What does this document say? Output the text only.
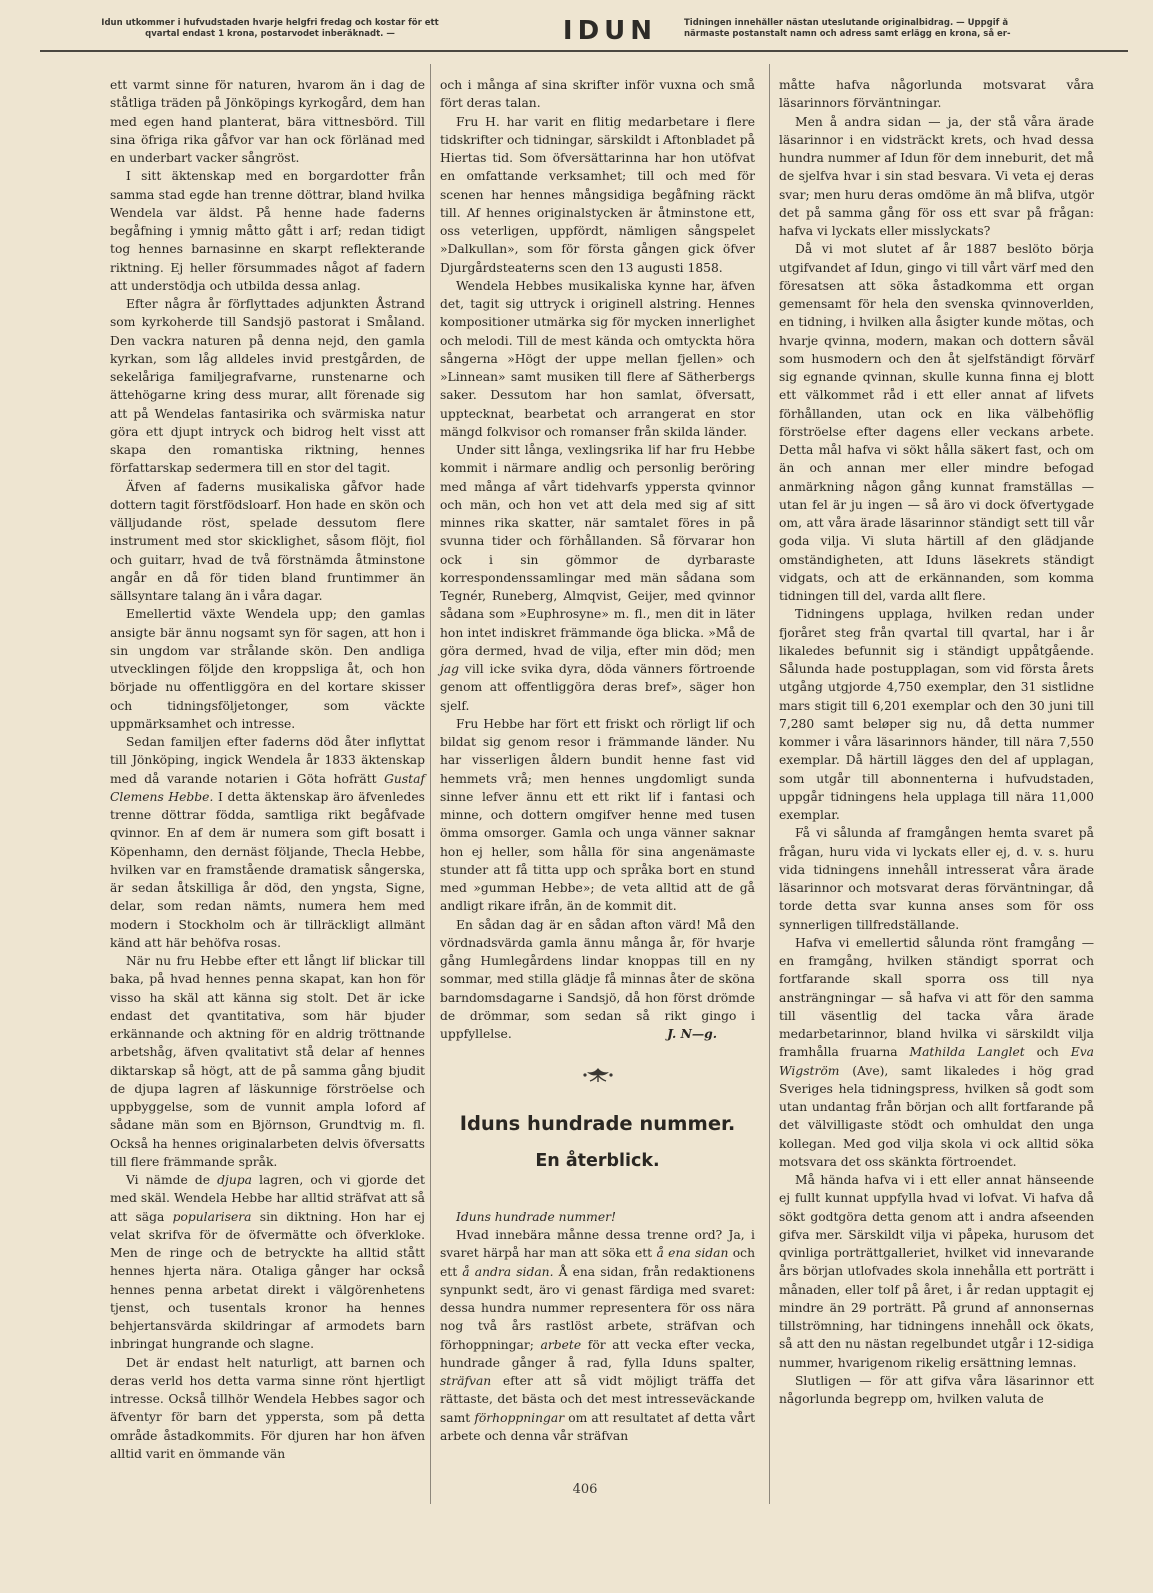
Idun utkommer i hufvudstaden hvarje helgfri fredag och kostar för ett
qvartal endast 1 krona, postarvodet inberäknadt. —	IDUN	Tidningen innehåller nästan uteslutande originalbidrag. — Uppgif å
närmaste postanstalt namn och adress samt erlägg en krona, så er-

ett varmt sinne för naturen, hvarom än i dag de ståtliga träden på Jönköpings kyrkogård, dem han med egen hand planterat, bära vittnesbörd. Till sina öfriga rika gåfvor var han ock förlänad med en underbart vacker sångröst.

I sitt äktenskap med en borgardotter från samma stad egde han trenne döttrar, bland hvilka Wendela var äldst. På henne hade faderns begåfning i ymnig måtto gått i arf; redan tidigt tog hennes barnasinne en skarpt reflekterande riktning. Ej heller försummades något af fadern att understödja och utbilda dessa anlag.

Efter några år förflyttades adjunkten Åstrand som kyrkoherde till Sandsjö pastorat i Småland. Den vackra naturen på denna nejd, den gamla kyrkan, som låg alldeles invid prestgården, de sekelåriga familjegrafvarne, runstenarne och ättehögarne kring dess murar, allt förenade sig att på Wendelas fantasirika och svärmiska natur göra ett djupt intryck och bidrog helt visst att skapa den romantiska riktning, hennes författarskap sedermera till en stor del tagit.

Äfven af faderns musikaliska gåfvor hade dottern tagit förstfödsloarf. Hon hade en skön och välljudande röst, spelade dessutom flere instrument med stor skicklighet, såsom flöjt, fiol och guitarr, hvad de två förstnämda åtminstone angår en då för tiden bland fruntimmer än sällsyntare talang än i våra dagar.

Emellertid växte Wendela upp; den gamlas ansigte bär ännu nogsamt syn för sagen, att hon i sin ungdom var strålande skön. Den andliga utvecklingen följde den kroppsliga åt, och hon började nu offentliggöra en del kortare skisser och tidningsföljetonger, som väckte uppmärksamhet och intresse.

Sedan familjen efter faderns död åter inflyttat till Jönköping, ingick Wendela år 1833 äktenskap med då varande notarien i Göta hofrätt Gustaf Clemens Hebbe. I detta äktenskap äro äfvenledes trenne döttrar födda, samtliga rikt begåfvade qvinnor. En af dem är numera som gift bosatt i Köpenhamn, den dernäst följande, Thecla Hebbe, hvilken var en framstående dramatisk sångerska, är sedan åtskilliga år död, den yngsta, Signe, delar, som redan nämts, numera hem med modern i Stockholm och är tillräckligt allmänt känd att här behöfva rosas.

När nu fru Hebbe efter ett långt lif blickar till baka, på hvad hennes penna skapat, kan hon för visso ha skäl att känna sig stolt. Det är icke endast det qvantitativa, som här bjuder erkännande och aktning för en aldrig tröttnande arbetshåg, äfven qvalitativt stå delar af hennes diktarskap så högt, att de på samma gång bjudit de djupa lagren af läskunnige förströelse och uppbyggelse, som de vunnit ampla loford af sådane män som en Björnson, Grundtvig m. fl. Också ha hennes originalarbeten delvis öfversatts till flere främmande språk.

Vi nämde de djupa lagren, och vi gjorde det med skäl. Wendela Hebbe har alltid sträfvat att så att säga popularisera sin diktning. Hon har ej velat skrifva för de öfvermätte och öfverkloke. Men de ringe och de betryckte ha alltid stått hennes hjerta nära. Otaliga gånger har också hennes penna arbetat direkt i välgörenhetens tjenst, och tusentals kronor ha hennes behjertansvärda skildringar af armodets barn inbringat hungrande och slagne.

Det är endast helt naturligt, att barnen och deras verld hos detta varma sinne rönt hjertligt intresse. Också tillhör Wendela Hebbes sagor och äfventyr för barn det yppersta, som på detta område åstadkommits. För djuren har hon äfven alltid varit en ömmande vän

och i många af sina skrifter inför vuxna och små fört deras talan.

Fru H. har varit en flitig medarbetare i flere tidskrifter och tidningar, särskildt i Aftonbladet på Hiertas tid. Som öfversättarinna har hon utöfvat en omfattande verksamhet; till och med för scenen har hennes mångsidiga begåfning räckt till. Af hennes originalstycken är åtminstone ett, oss veterligen, uppfördt, nämligen sångspelet »Dalkullan», som för första gången gick öfver Djurgårdsteaterns scen den 13 augusti 1858.

Wendela Hebbes musikaliska kynne har, äfven det, tagit sig uttryck i originell alstring. Hennes kompositioner utmärka sig för mycken innerlighet och melodi. Till de mest kända och omtyckta höra sångerna »Högt der uppe mellan fjellen» och »Linnean» samt musiken till flere af Sätherbergs saker. Dessutom har hon samlat, öfversatt, upptecknat, bearbetat och arrangerat en stor mängd folkvisor och romanser från skilda länder.

Under sitt långa, vexlingsrika lif har fru Hebbe kommit i närmare andlig och personlig beröring med många af vårt tidehvarfs yppersta qvinnor och män, och hon vet att dela med sig af sitt minnes rika skatter, när samtalet föres in på svunna tider och förhållanden. Så förvarar hon ock i sin gömmor de dyrbaraste korrespondenssamlingar med män sådana som Tegnér, Runeberg, Almqvist, Geijer, med qvinnor sådana som »Euphrosyne» m. fl., men dit in läter hon intet indiskret främmande öga blicka. »Må de göra dermed, hvad de vilja, efter min död; men jag vill icke svika dyra, döda vänners förtroende genom att offentliggöra deras bref», säger hon sjelf.

Fru Hebbe har fört ett friskt och rörligt lif och bildat sig genom resor i främmande länder. Nu har visserligen åldern bundit henne fast vid hemmets vrå; men hennes ungdomligt sunda sinne lefver ännu ett ett rikt lif i fantasi och minne, och dottern omgifver henne med tusen ömma omsorger. Gamla och unga vänner saknar hon ej heller, som hålla för sina angenämaste stunder att få titta upp och språka bort en stund med »gumman Hebbe»; de veta alltid att de gå andligt rikare ifrån, än de kommit dit.

En sådan dag är en sådan afton värd! Må den vördnadsvärda gamla ännu många år, för hvarje gång Humlegårdens lindar knoppas till en ny sommar, med stilla glädje få minnas åter de sköna barndomsdagarne i Sandsjö, då hon först drömde de drömmar, som sedan så rikt gingo i uppfyllelse.	J. N—g.

Iduns hundrade nummer.
En återblick.

Iduns hundrade nummer!

Hvad innebära månne dessa trenne ord? Ja, i svaret härpå har man att söka ett å ena sidan och ett å andra sidan. Å ena sidan, från redaktionens synpunkt sedt, äro vi genast färdiga med svaret: dessa hundra nummer representera för oss nära nog två års rastlöst arbete, sträfvan och förhoppningar; arbete för att vecka efter vecka, hundrade gånger å rad, fylla Iduns spalter, sträfvan efter att så vidt möjligt träffa det rättaste, det bästa och det mest intresseväckande samt förhoppningar om att resultatet af detta vårt arbete och denna vår sträfvan

måtte hafva någorlunda motsvarat våra läsarinnors förväntningar.

Men å andra sidan — ja, der stå våra ärade läsarinnor i en vidsträckt krets, och hvad dessa hundra nummer af Idun för dem inneburit, det må de sjelfva hvar i sin stad besvara. Vi veta ej deras svar; men huru deras omdöme än må blifva, utgör det på samma gång för oss ett svar på frågan: hafva vi lyckats eller misslyckats?

Då vi mot slutet af år 1887 beslöto börja utgifvandet af Idun, gingo vi till vårt värf med den föresatsen att söka åstadkomma ett organ gemensamt för hela den svenska qvinnoverlden, en tidning, i hvilken alla åsigter kunde mötas, och hvarje qvinna, modern, makan och dottern såväl som husmodern och den åt sjelfständigt förvärf sig egnande qvinnan, skulle kunna finna ej blott ett välkommet råd i ett eller annat af lifvets förhållanden, utan ock en lika välbehöflig förströelse efter dagens eller veckans arbete. Detta mål hafva vi sökt hålla säkert fast, och om än och annan mer eller mindre befogad anmärkning någon gång kunnat framställas — utan fel är ju ingen — så äro vi dock öfvertygade om, att våra ärade läsarinnor ständigt sett till vår goda vilja. Vi sluta härtill af den glädjande omständigheten, att Iduns läsekrets ständigt vidgats, och att de erkännanden, som komma tidningen till del, varda allt flere.

Tidningens upplaga, hvilken redan under fjoråret steg från qvartal till qvartal, har i år likaledes befunnit sig i ständigt uppåtgående. Sålunda hade postupplagan, som vid första årets utgång utgjorde 4,750 exemplar, den 31 sistlidne mars stigit till 6,201 exemplar och den 30 juni till 7,280 samt beløper sig nu, då detta nummer kommer i våra läsarinnors händer, till nära 7,550 exemplar. Då härtill lägges den del af upplagan, som utgår till abonnenterna i hufvudstaden, uppgår tidningens hela upplaga till nära 11,000 exemplar.

Få vi sålunda af framgången hemta svaret på frågan, huru vida vi lyckats eller ej, d. v. s. huru vida tidningens innehåll intresserat våra ärade läsarinnor och motsvarat deras förväntningar, då torde detta svar kunna anses som för oss synnerligen tillfredställande.

Hafva vi emellertid sålunda rönt framgång — en framgång, hvilken ständigt sporrat och fortfarande skall sporra oss till nya ansträngningar — så hafva vi att för den samma till väsentlig del tacka våra ärade medarbetarinnor, bland hvilka vi särskildt vilja framhålla fruarna Mathilda Langlet och Eva Wigström (Ave), samt likaledes i hög grad Sveriges hela tidningspress, hvilken så godt som utan undantag från början och allt fortfarande på det välvilligaste stödt och omhuldat den unga kollegan. Med god vilja skola vi ock alltid söka motsvara det oss skänkta förtroendet.

Må hända hafva vi i ett eller annat hänseende ej fullt kunnat uppfylla hvad vi lofvat. Vi hafva då sökt godtgöra detta genom att i andra afseenden gifva mer. Särskildt vilja vi påpeka, hurusom det qvinliga porträttgalleriet, hvilket vid innevarande års början utlofvades skola innehålla ett porträtt i månaden, eller tolf på året, i år redan upptagit ej mindre än 29 porträtt. På grund af annonsernas tillströmning, har tidningens innehåll ock ökats, så att den nu nästan regelbundet utgår i 12-sidiga nummer, hvarigenom rikelig ersättning lemnas.

Slutligen — för att gifva våra läsarinnor ett någorlunda begrepp om, hvilken valuta de

406
